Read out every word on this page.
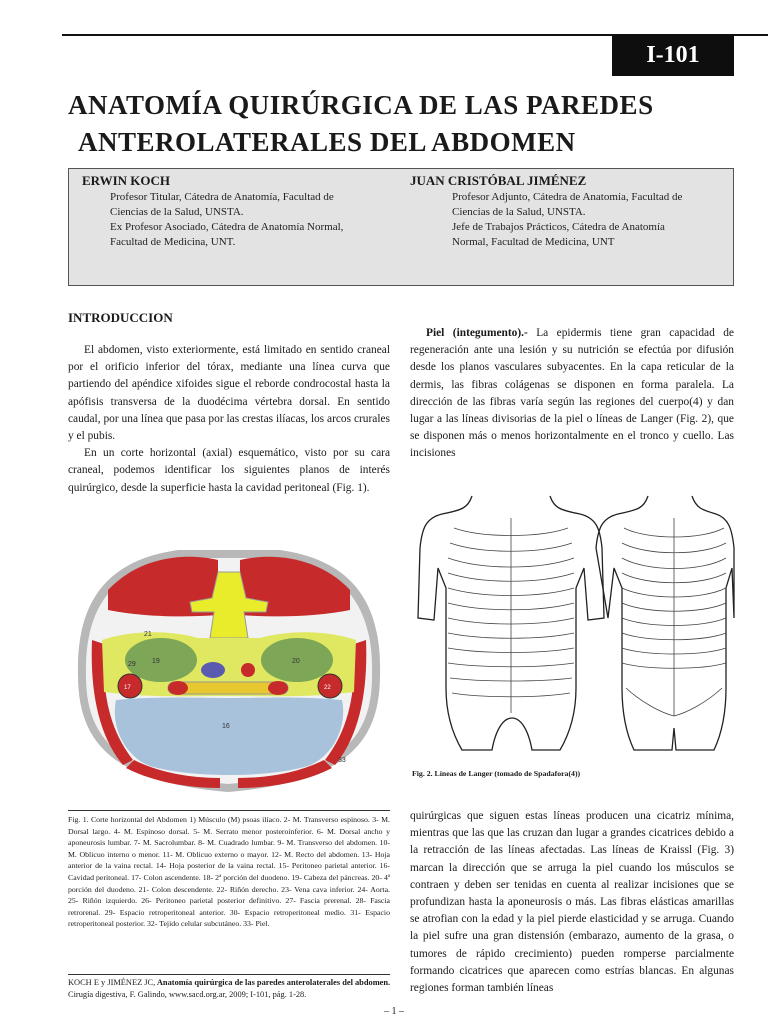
I-101
ANATOMÍA QUIRÚRGICA DE LAS PAREDES
ANTEROLATERALES DEL ABDOMEN
ERWIN KOCH
Profesor Titular, Cátedra de Anatomía, Facultad de
Ciencias de la Salud, UNSTA.
Ex Profesor Asociado, Cátedra de Anatomía Normal,
Facultad de Medicina, UNT.
JUAN CRISTÓBAL JIMÉNEZ
Profesor Adjunto, Cátedra de Anatomía, Facultad de
Ciencias de la Salud, UNSTA.
Jefe de Trabajos Prácticos, Cátedra de Anatomía
Normal, Facultad de Medicina, UNT
INTRODUCCION

El abdomen, visto exteriormente, está limitado en sentido craneal por el orificio inferior del tórax, mediante una línea curva que partiendo del apéndice xifoides sigue el reborde condrocostal hasta la apófisis transversa de la duodécima vértebra dorsal. En sentido caudal, por una línea que pasa por las crestas ilíacas, los arcos crurales y el pubis.

En un corte horizontal (axial) esquemático, visto por su cara craneal, podemos identificar los siguientes planos de interés quirúrgico, desde la superficie hasta la cavidad peritoneal (Fig. 1).

21
29 19	20
17	22
16
33
Fig. 1. Corte horizontal del Abdomen 1) Músculo (M) psoas ilíaco. 2- M. Transverso espinoso. 3- M. Dorsal largo. 4- M. Espinoso dorsal. 5- M. Serrato menor posteroinferior. 6- M. Dorsal ancho y aponeurosis lumbar. 7- M. Sacrolumbar. 8- M. Cuadrado lumbar. 9- M. Transverso del abdomen. 10- M. Oblicuo interno o menor. 11- M. Oblicuo externo o mayor. 12- M. Recto del abdomen. 13- Hoja anterior de la vaina rectal. 14- Hoja posterior de la vaina rectal. 15- Peritoneo parietal anterior. 16- Cavidad peritoneal. 17- Colon ascendente. 18- 2ª porción del duodeno. 19- Cabeza del páncreas. 20- 4ª porción del duodeno. 21- Colon descendente. 22- Riñón derecho. 23- Vena cava inferior. 24- Aorta. 25- Riñón izquierdo. 26- Peritoneo parietal posterior definitivo. 27- Fascia prerenal. 28- Fascia retrorenal. 29- Espacio retroperitoneal anterior. 30- Espacio retroperitoneal medio. 31- Espacio retroperitoneal posterior. 32- Tejido celular subcutáneo. 33- Piel.
KOCH E y JIMÉNEZ JC, Anatomía quirúrgica de las paredes anterolaterales del abdomen.
Cirugía digestiva, F. Galindo, www.sacd.org.ar, 2009; I-101, pág. 1-28.

Piel (integumento).- La epidermis tiene gran capacidad de regeneración ante una lesión y su nutrición se efectúa por difusión desde los planos vasculares subyacentes. En la capa reticular de la dermis, las fibras colágenas se disponen en forma paralela. La dirección de las fibras varía según las regiones del cuerpo(4) y dan lugar a las líneas divisorias de la piel o líneas de Langer (Fig. 2), que se disponen más o menos horizontalmente en el tronco y cuello. Las incisiones

Fig. 2. Líneas de Langer (tomado de Spadafora(4))

quirúrgicas que siguen estas líneas producen una cicatriz mínima, mientras que las que las cruzan dan lugar a grandes cicatrices debido a la retracción de las líneas afectadas. Las líneas de Kraissl (Fig. 3) marcan la dirección que se arruga la piel cuando los músculos se contraen y deben ser tenidas en cuenta al realizar incisiones que se profundizan hasta la aponeurosis o más. Las fibras elásticas amarillas se atrofian con la edad y la piel pierde elasticidad y se arruga. Cuando la piel sufre una gran distensión (embarazo, aumento de la grasa, o tumores de rápido crecimiento) pueden romperse parcialmente formando cicatrices que aparecen como estrías blancas. En algunas regiones forman también líneas

– 1 –
